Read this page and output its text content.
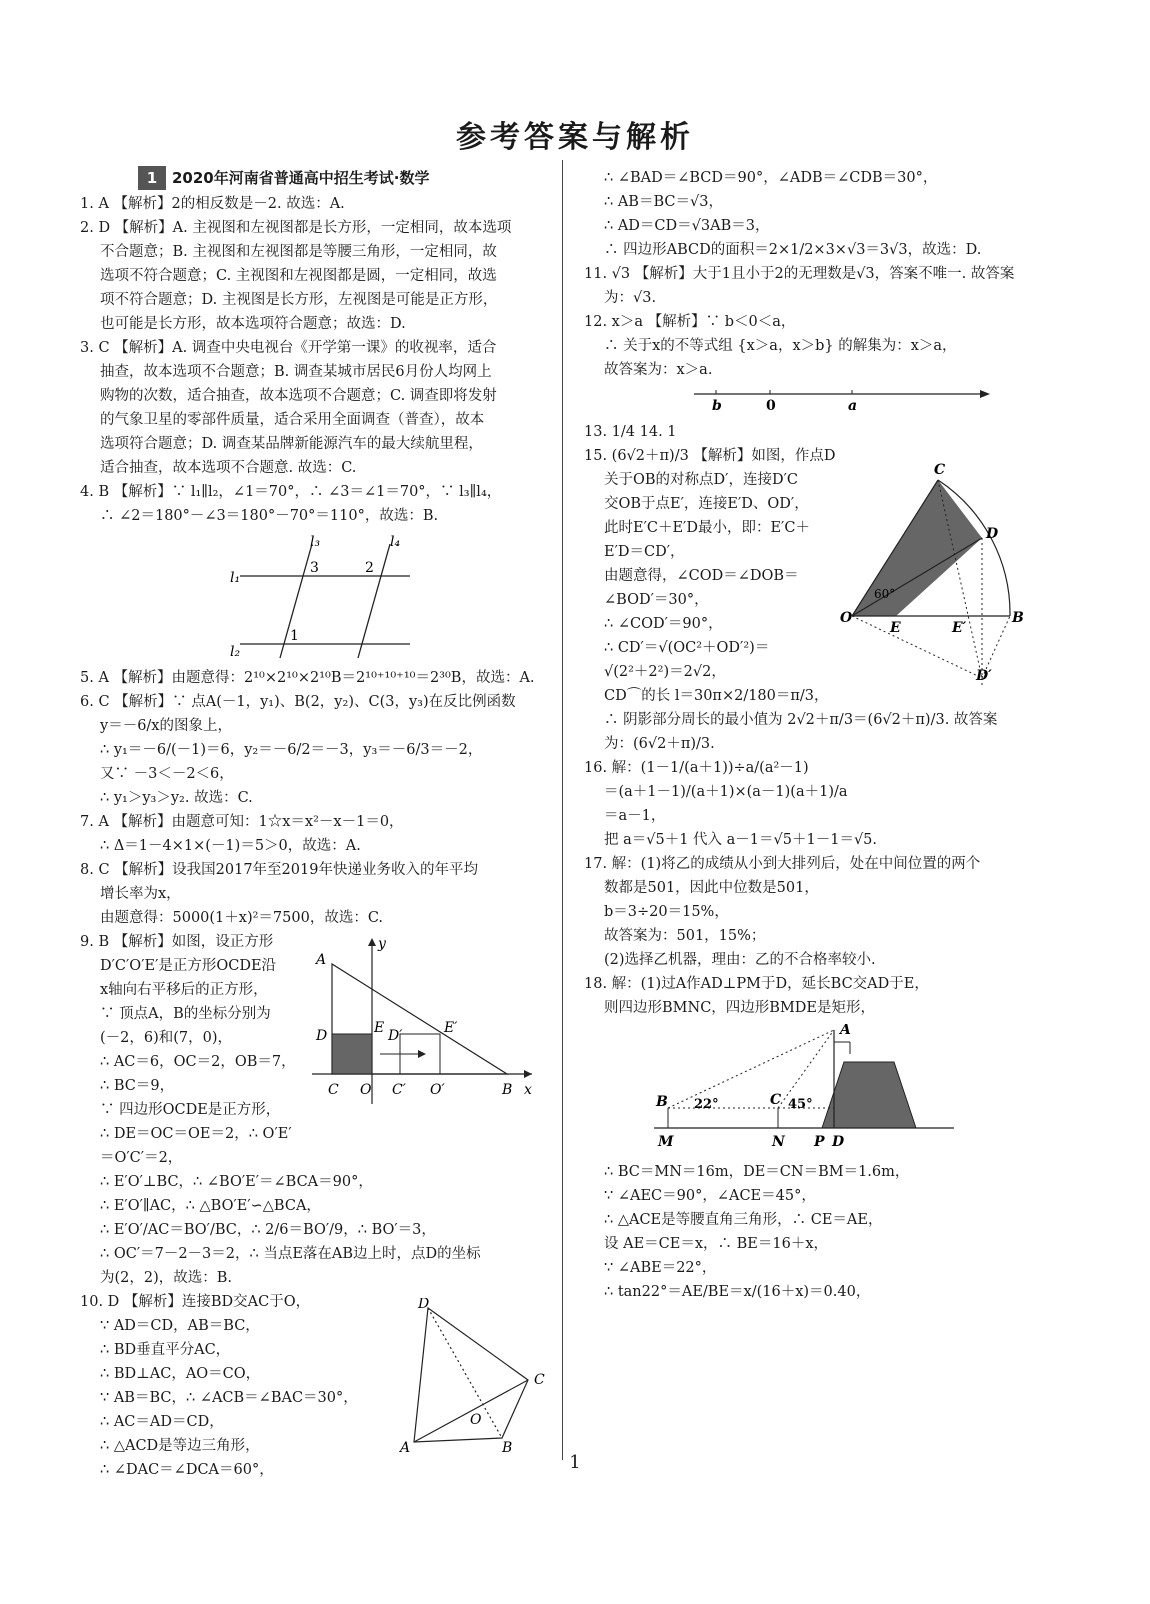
参考答案与解析
1 2020年河南省普通高中招生考试·数学
1. A 【解析】2的相反数是－2. 故选：A.
2. D 【解析】A. 主视图和左视图都是长方形，一定相同，故本选项
不合题意；B. 主视图和左视图都是等腰三角形，一定相同，故
选项不符合题意；C. 主视图和左视图都是圆，一定相同，故选
项不符合题意；D. 主视图是长方形，左视图是可能是正方形，
也可能是长方形，故本选项符合题意；故选：D.
3. C 【解析】A. 调查中央电视台《开学第一课》的收视率，适合
抽查，故本选项不合题意；B. 调查某城市居民6月份人均网上
购物的次数，适合抽查，故本选项不合题意；C. 调查即将发射
的气象卫星的零部件质量，适合采用全面调查（普查），故本
选项符合题意；D. 调查某品牌新能源汽车的最大续航里程，
适合抽查，故本选项不合题意. 故选：C.
4. B 【解析】∵ l₁∥l₂，∠1＝70°，∴ ∠3＝∠1＝70°，∵ l₃∥l₄，
∴ ∠2＝180°－∠3＝180°－70°＝110°，故选：B.
l₃	l₄
3	2
l₁
1
l₂
5. A 【解析】由题意得：2¹⁰×2¹⁰×2¹⁰B＝2¹⁰⁺¹⁰⁺¹⁰＝2³⁰B，故选：A.
6. C 【解析】∵ 点A(－1，y₁)、B(2，y₂)、C(3，y₃)在反比例函数
y＝－6/x的图象上，
∴ y₁＝－6/(－1)＝6，y₂＝－6/2＝－3，y₃＝－6/3＝－2，
又∵ －3＜－2＜6，
∴ y₁＞y₃＞y₂. 故选：C.
7. A 【解析】由题意可知：1☆x＝x²－x－1＝0，
∴ Δ＝1－4×1×(－1)＝5＞0，故选：A.
8. C 【解析】设我国2017年至2019年快递业务收入的年平均
增长率为x，
由题意得：5000(1＋x)²＝7500，故选：C.
9. B 【解析】如图，设正方形
D′C′O′E′是正方形OCDE沿
x轴向右平移后的正方形，
∵ 顶点A，B的坐标分别为
(－2，6)和(7，0)，
∴ AC＝6，OC＝2，OB＝7，
∴ BC＝9，
∵ 四边形OCDE是正方形，
∴ DE＝OC＝OE＝2，∴ O′E′
＝O′C′＝2，
∴ E′O′⊥BC，∴ ∠BO′E′＝∠BCA＝90°，
∴ E′O′∥AC，∴ △BO′E′∽△BCA，
∴ E′O′/AC＝BO′/BC，∴ 2/6＝BO′/9，∴ BO′＝3，
∴ OC′＝7－2－3＝2，∴ 当点E落在AB边上时，点D的坐标
为(2，2)，故选：B.
10. D 【解析】连接BD交AC于O，
∵ AD＝CD，AB＝BC，
∴ BD垂直平分AC，
∴ BD⊥AC，AO＝CO，
∵ AB＝BC，∴ ∠ACB＝∠BAC＝30°，
∴ AC＝AD＝CD，
∴ △ACD是等边三角形，
∴ ∠DAC＝∠DCA＝60°，
y
A
D	E D′	E′
C O C′ O′	B x
D
C
O
A	B
∴ ∠BAD＝∠BCD＝90°，∠ADB＝∠CDB＝30°，
∴ AB＝BC＝√3，
∴ AD＝CD＝√3AB＝3，
∴ 四边形ABCD的面积＝2×1/2×3×√3＝3√3，故选：D.
11. √3 【解析】大于1且小于2的无理数是√3，答案不唯一. 故答案
为：√3.
12. x＞a 【解析】∵ b＜0＜a，
∴ 关于x的不等式组 {x＞a，x＞b} 的解集为：x＞a，
故答案为：x＞a.
b	0	a
13. 1/4 14. 1
15. (6√2＋π)/3 【解析】如图，作点D
关于OB的对称点D′，连接D′C
交OB于点E′，连接E′D、OD′，
此时E′C＋E′D最小，即：E′C＋
E′D＝CD′，
由题意得，∠COD＝∠DOB＝
∠BOD′＝30°，
∴ ∠COD′＝90°，
∴ CD′＝√(OC²＋OD′²)＝
√(2²＋2²)＝2√2，
CD⌒的长 l＝30π×2/180＝π/3，
∴ 阴影部分周长的最小值为 2√2＋π/3＝(6√2＋π)/3. 故答案
为：(6√2＋π)/3.
16. 解：(1－1/(a＋1))÷a/(a²－1)
＝(a＋1－1)/(a＋1)×(a－1)(a＋1)/a
＝a－1，
把 a＝√5＋1 代入 a－1＝√5＋1－1＝√5.
17. 解：(1)将乙的成绩从小到大排列后，处在中间位置的两个
数都是501，因此中位数是501，
b＝3÷20＝15%，
故答案为：501，15%；
(2)选择乙机器，理由：乙的不合格率较小.
18. 解：(1)过A作AD⊥PM于D，延长BC交AD于E，
则四边形BMNC，四边形BMDE是矩形，
C
D
60°
O
E	E′
B
D′
A
B 22°	C 45°
M	N P D
∴ BC＝MN＝16m，DE＝CN＝BM＝1.6m，
∵ ∠AEC＝90°，∠ACE＝45°，
∴ △ACE是等腰直角三角形，∴ CE＝AE，
设 AE＝CE＝x，∴ BE＝16＋x，
∵ ∠ABE＝22°，
∴ tan22°＝AE/BE＝x/(16＋x)＝0.40，
1
